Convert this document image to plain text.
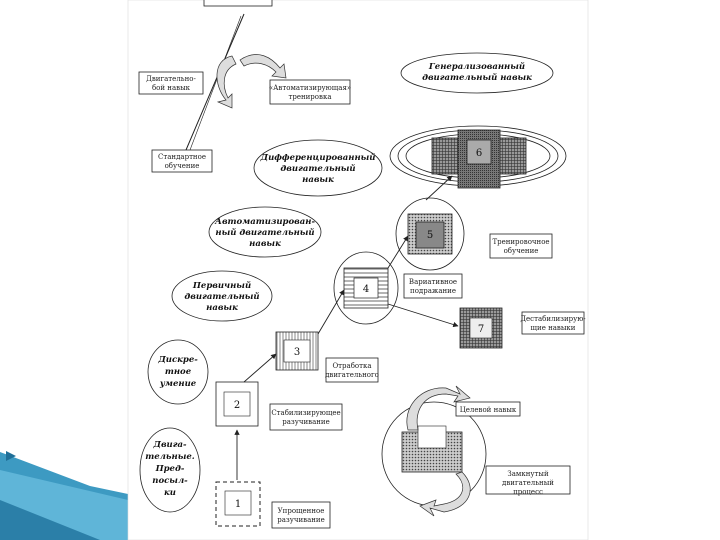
Двигательно-
бой навык	«Автоматизирующая»
тренировка
Стандартное
обучение
Дифференцированный
двигательный
навык
Автоматизирован-
ный двигательный
навык
Первичный
двигательный
навык
Дискре-
тное
умение
Двига-
тельные.
Пред-
посыл-
ки
Генерализованный
двигательный навык
6
5
Тренировочное
обучение
4
Вариативное
подражание
7
Дестабилизирую-
щие навыки
3
Отработка
двигательного
2
Стабилизирующее
разучивание
1
Упрощенное
разучивание
Целевой навык
Замкнутый
двигательный
процесс
